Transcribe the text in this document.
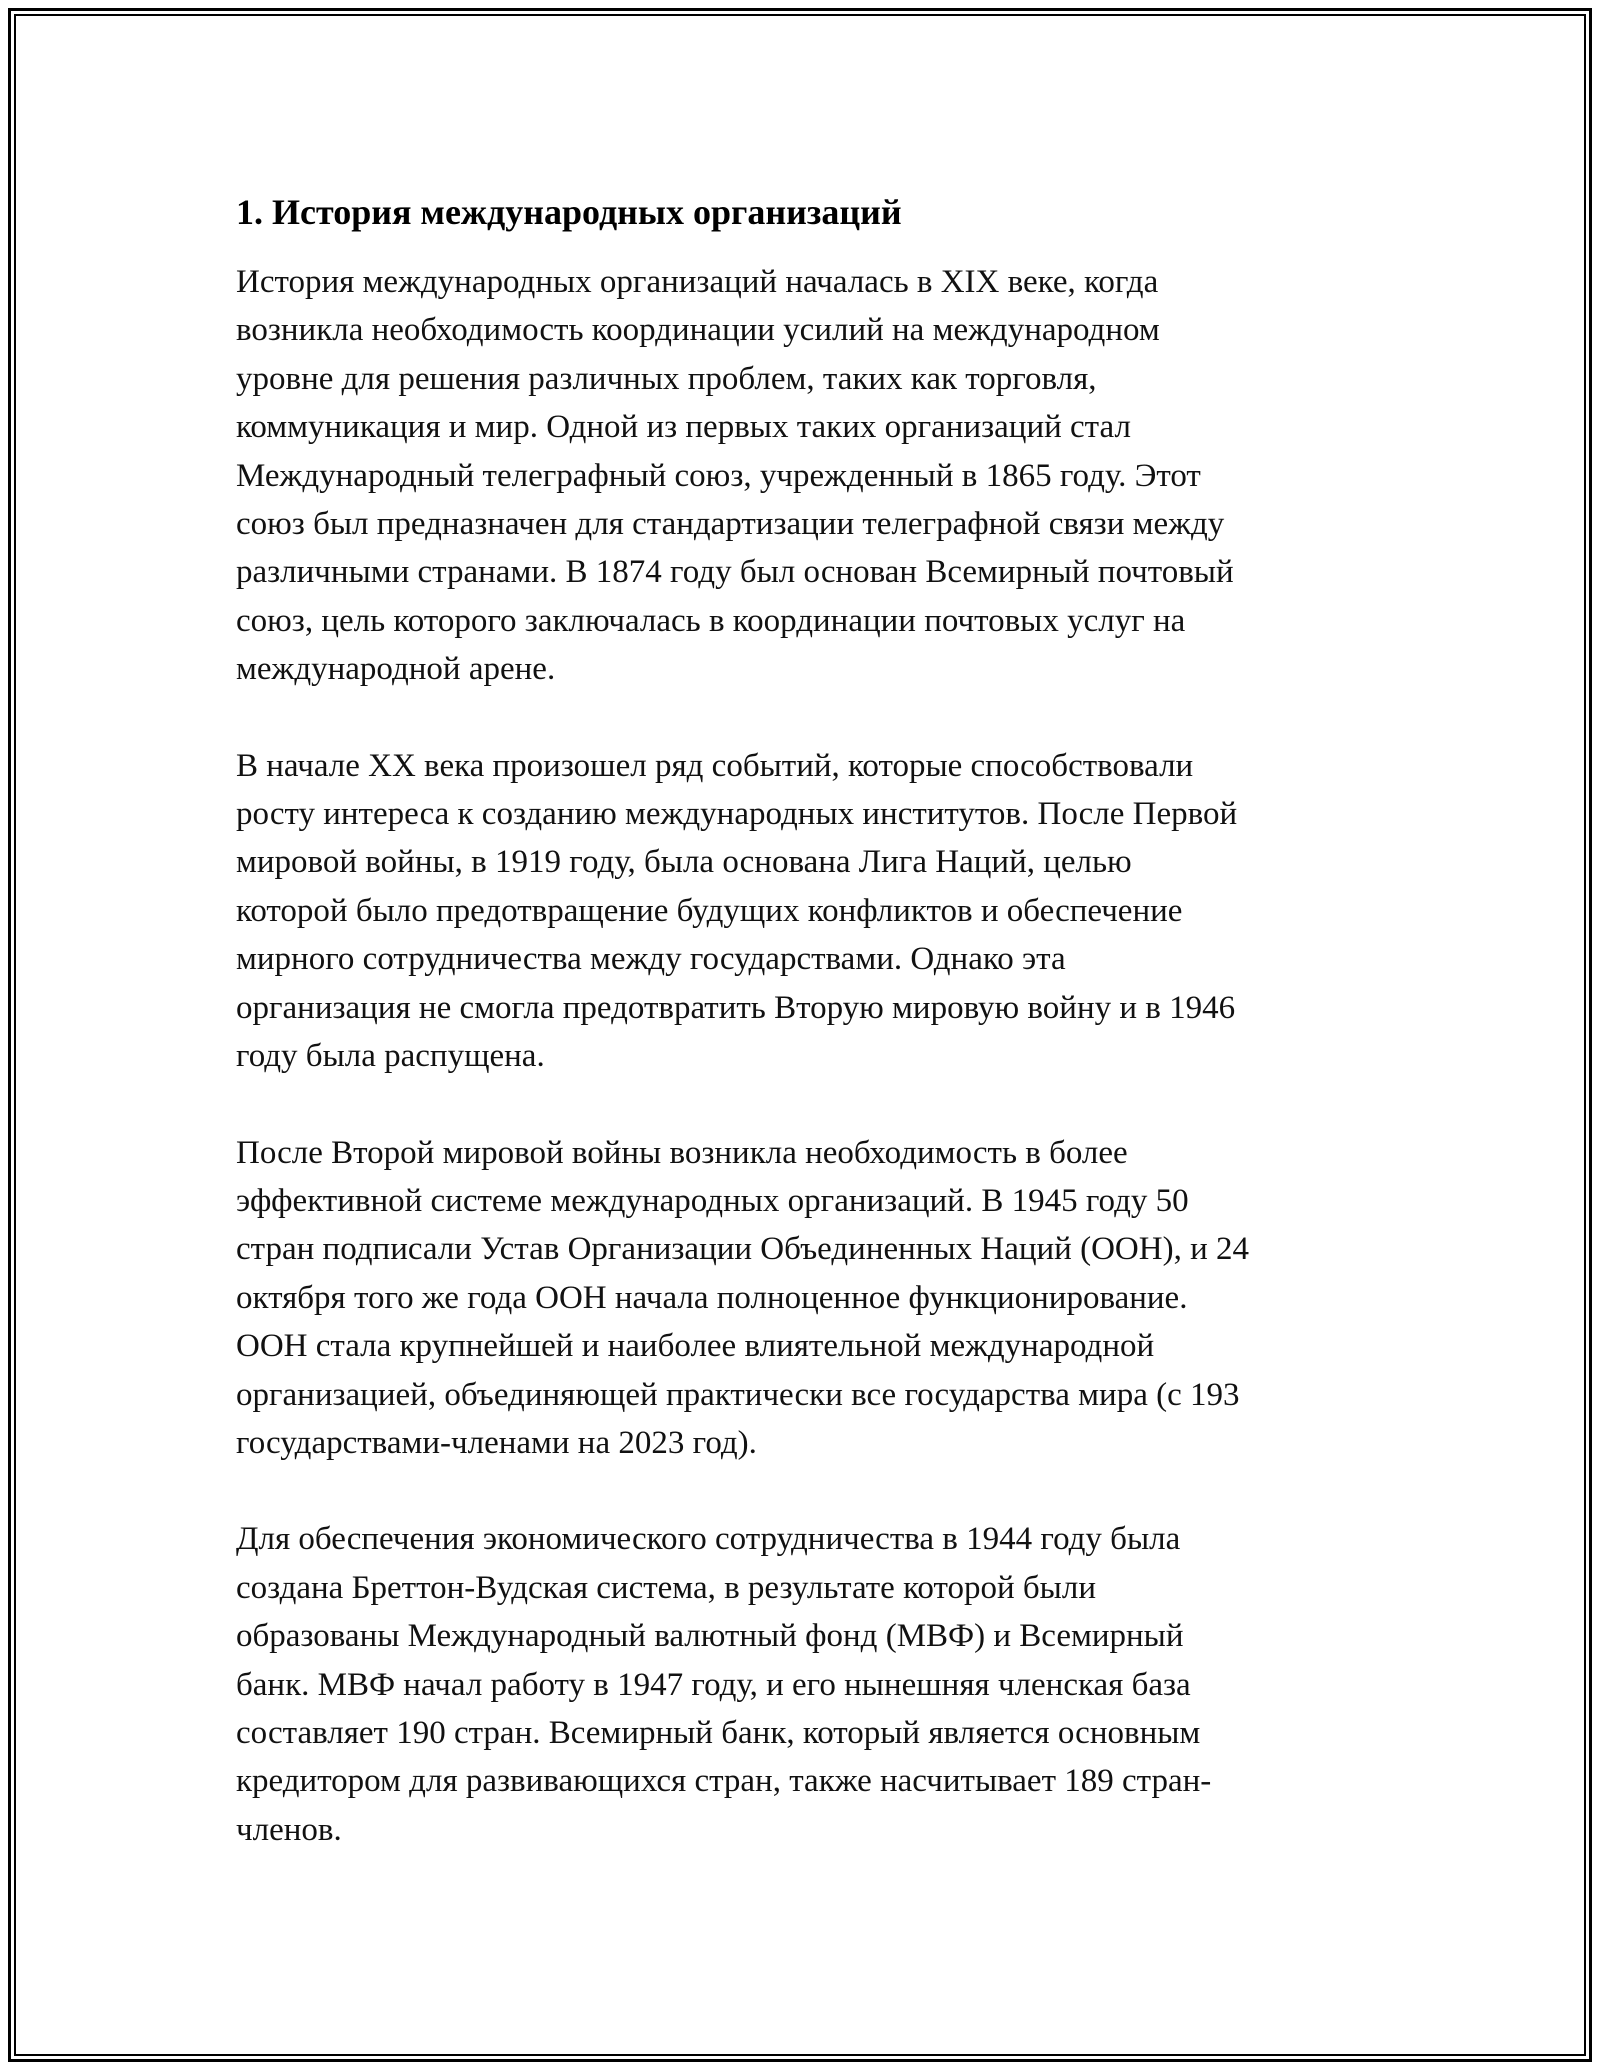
1. История международных организаций

История международных организаций началась в XIX веке, когда
возникла необходимость координации усилий на международном
уровне для решения различных проблем, таких как торговля,
коммуникация и мир. Одной из первых таких организаций стал
Международный телеграфный союз, учрежденный в 1865 году. Этот
союз был предназначен для стандартизации телеграфной связи между
различными странами. В 1874 году был основан Всемирный почтовый
союз, цель которого заключалась в координации почтовых услуг на
международной арене.

В начале XX века произошел ряд событий, которые способствовали
росту интереса к созданию международных институтов. После Первой
мировой войны, в 1919 году, была основана Лига Наций, целью
которой было предотвращение будущих конфликтов и обеспечение
мирного сотрудничества между государствами. Однако эта
организация не смогла предотвратить Вторую мировую войну и в 1946
году была распущена.

После Второй мировой войны возникла необходимость в более
эффективной системе международных организаций. В 1945 году 50
стран подписали Устав Организации Объединенных Наций (ООН), и 24
октября того же года ООН начала полноценное функционирование.
ООН стала крупнейшей и наиболее влиятельной международной
организацией, объединяющей практически все государства мира (с 193
государствами-членами на 2023 год).

Для обеспечения экономического сотрудничества в 1944 году была
создана Бреттон-Вудская система, в результате которой были
образованы Международный валютный фонд (МВФ) и Всемирный
банк. МВФ начал работу в 1947 году, и его нынешняя членская база
составляет 190 стран. Всемирный банк, который является основным
кредитором для развивающихся стран, также насчитывает 189 стран-
членов.
